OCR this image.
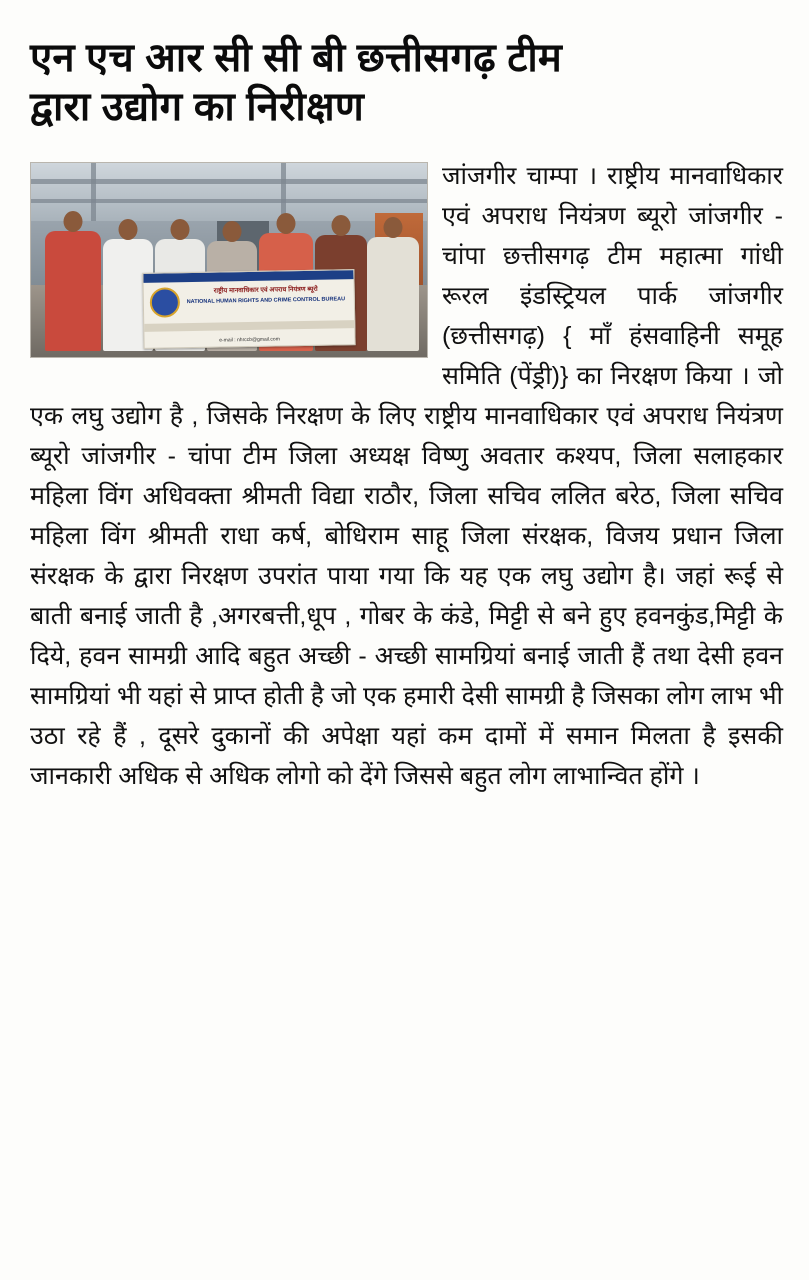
एन एच आर सी सी बी छत्तीसगढ़ टीम
द्वारा उद्योग का निरीक्षण
राष्ट्रीय मानवाधिकार एवं अपराध नियंत्रण ब्यूरो
NATIONAL HUMAN RIGHTS AND CRIME CONTROL BUREAU
e-mail : nhrccb@gmail.com

जांजगीर चाम्पा । राष्ट्रीय मानवाधिकार एवं अपराध नियंत्रण ब्यूरो जांजगीर - चांपा छत्तीसगढ़ टीम महात्मा गांधी रूरल इंडस्ट्रियल पार्क जांजगीर (छत्तीसगढ़) { माँ हंसवाहिनी समूह समिति (पेंड्री)} का निरक्षण किया । जो एक लघु उद्योग है , जिसके निरक्षण के लिए राष्ट्रीय मानवाधिकार एवं अपराध नियंत्रण ब्यूरो जांजगीर - चांपा टीम जिला अध्यक्ष विष्णु अवतार कश्यप, जिला सलाहकार महिला विंग अधिवक्ता श्रीमती विद्या राठौर, जिला सचिव ललित बरेठ, जिला सचिव महिला विंग श्रीमती राधा कर्ष, बोधिराम साहू जिला संरक्षक, विजय प्रधान जिला संरक्षक के द्वारा निरक्षण उपरांत पाया गया कि यह एक लघु उद्योग है। जहां रूई से बाती बनाई जाती है ,अगरबत्ती,धूप , गोबर के कंडे, मिट्टी से बने हुए हवनकुंड,मिट्टी के दिये, हवन सामग्री आदि बहुत अच्छी - अच्छी सामग्रियां बनाई जाती हैं तथा देसी हवन सामग्रियां भी यहां से प्राप्त होती है जो एक हमारी देसी सामग्री है जिसका लोग लाभ भी उठा रहे हैं , दूसरे दुकानों की अपेक्षा यहां कम दामों में समान मिलता है इसकी जानकारी अधिक से अधिक लोगो को देंगे जिससे बहुत लोग लाभान्वित होंगे ।
